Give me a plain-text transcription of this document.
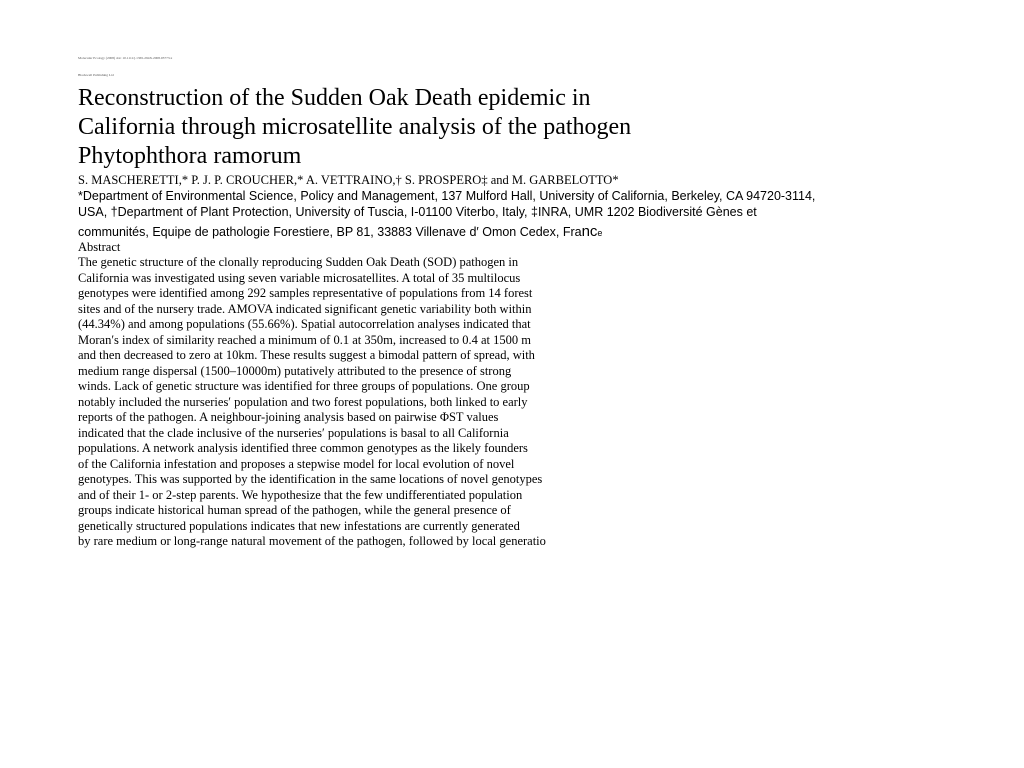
Molecular Ecology (2008) doi: 10.1111/j.1365-294X.2008.03773.x
Blackwell Publishing Ltd
Reconstruction of the Sudden Oak Death epidemic in
California through microsatellite analysis of the pathogen
Phytophthora ramorum
S. MASCHERETTI,* P. J. P. CROUCHER,* A. VETTRAINO,† S. PROSPERO‡ and M. GARBELOTTO*
*Department of Environmental Science, Policy and Management, 137 Mulford Hall, University of California, Berkeley, CA 94720-3114,
USA, †Department of Plant Protection, University of Tuscia, I-01100 Viterbo, Italy, ‡INRA, UMR 1202 Biodiversité Gènes et
communités, Equipe de pathologie Forestiere, BP 81, 33883 Villenave d′ Omon Cedex, France
Abstract
The genetic structure of the clonally reproducing Sudden Oak Death (SOD) pathogen in
California was investigated using seven variable microsatellites. A total of 35 multilocus
genotypes were identified among 292 samples representative of populations from 14 forest
sites and of the nursery trade. AMOVA indicated significant genetic variability both within
(44.34%) and among populations (55.66%). Spatial autocorrelation analyses indicated that
Moran′s index of similarity reached a minimum of 0.1 at 350m, increased to 0.4 at 1500 m
and then decreased to zero at 10km. These results suggest a bimodal pattern of spread, with
medium range dispersal (1500–10000m) putatively attributed to the presence of strong
winds. Lack of genetic structure was identified for three groups of populations. One group
notably included the nurseries′ population and two forest populations, both linked to early
reports of the pathogen. A neighbour-joining analysis based on pairwise ΦST values
indicated that the clade inclusive of the nurseries′ populations is basal to all California
populations. A network analysis identified three common genotypes as the likely founders
of the California infestation and proposes a stepwise model for local evolution of novel
genotypes. This was supported by the identification in the same locations of novel genotypes
and of their 1- or 2-step parents. We hypothesize that the few undifferentiated population
groups indicate historical human spread of the pathogen, while the general presence of
genetically structured populations indicates that new infestations are currently generated
by rare medium or long-range natural movement of the pathogen, followed by local generatio
